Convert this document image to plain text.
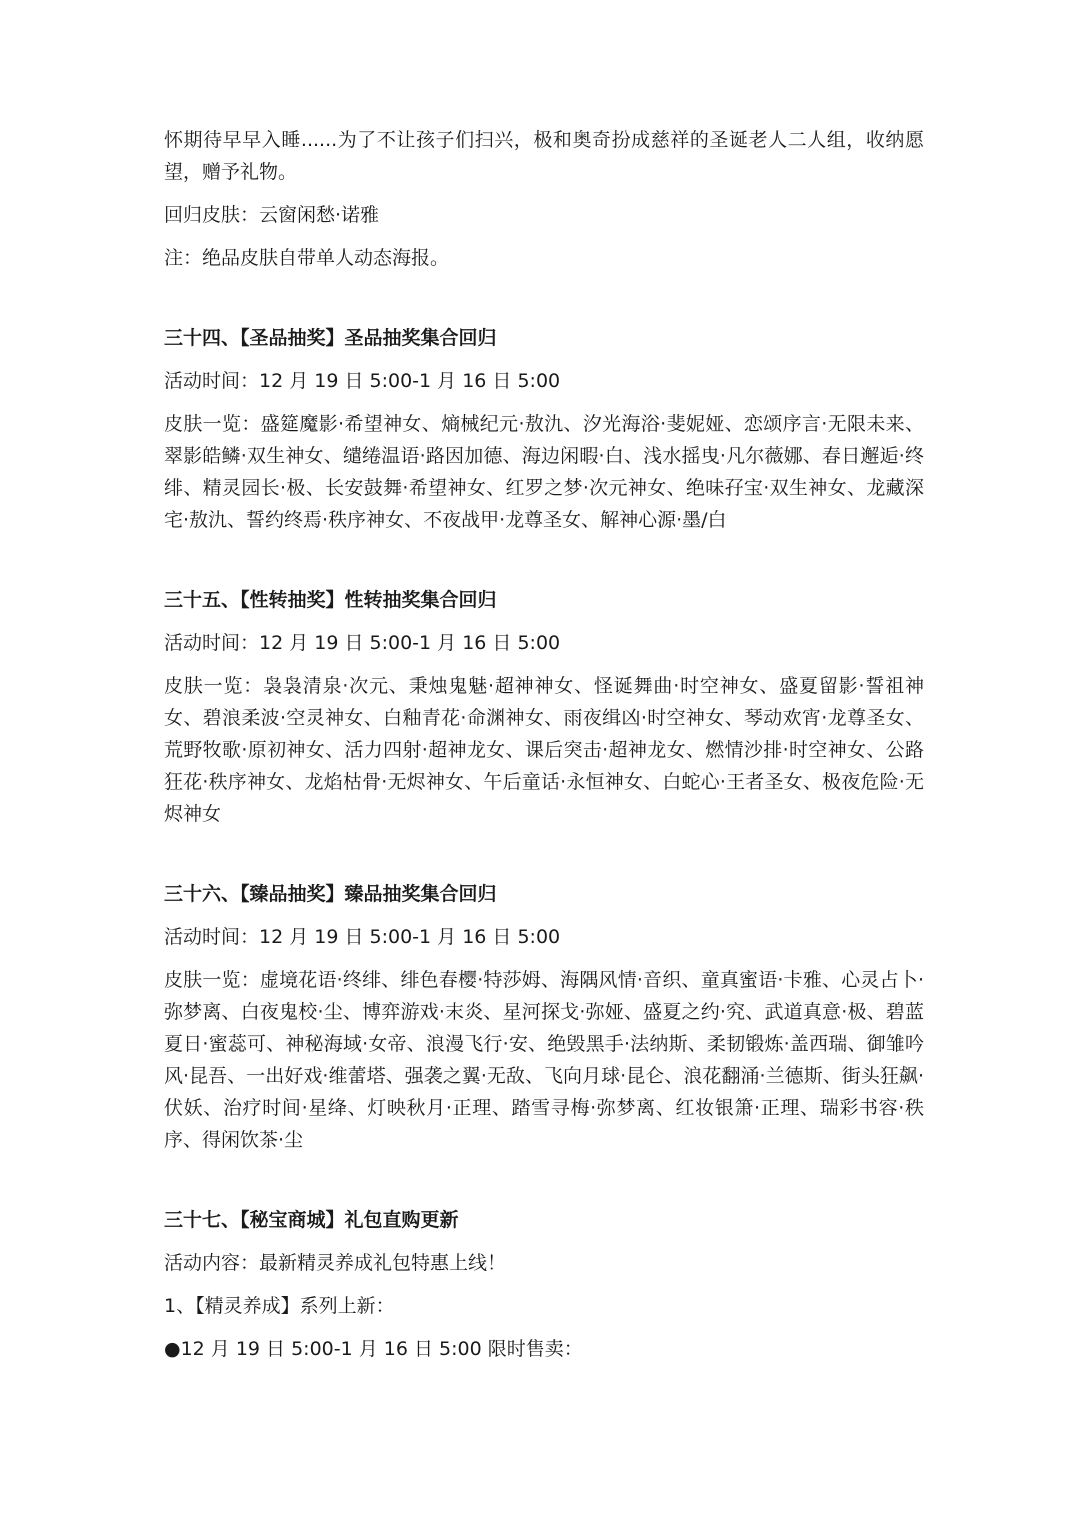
怀期待早早入睡......为了不让孩子们扫兴，极和奥奇扮成慈祥的圣诞老人二人组，收纳愿望，赠予礼物。

回归皮肤：云窗闲愁·诺雅

注：绝品皮肤自带单人动态海报。

三十四、【圣品抽奖】圣品抽奖集合回归

活动时间：12 月 19 日 5:00-1 月 16 日 5:00

皮肤一览：盛筵魔影·希望神女、熵械纪元·敖氿、汐光海浴·斐妮娅、恋颂序言·无限未来、翠影皓鳞·双生神女、缱绻温语·路因加德、海边闲暇·白、浅水摇曳·凡尔薇娜、春日邂逅·终绯、精灵园长·极、长安鼓舞·希望神女、红罗之梦·次元神女、绝味孖宝·双生神女、龙藏深宅·敖氿、誓约终焉·秩序神女、不夜战甲·龙尊圣女、解神心源·墨/白

三十五、【性转抽奖】性转抽奖集合回归

活动时间：12 月 19 日 5:00-1 月 16 日 5:00

皮肤一览：袅袅清泉·次元、秉烛鬼魅·超神神女、怪诞舞曲·时空神女、盛夏留影·誓祖神女、碧浪柔波·空灵神女、白釉青花·命渊神女、雨夜缉凶·时空神女、琴动欢宵·龙尊圣女、荒野牧歌·原初神女、活力四射·超神龙女、课后突击·超神龙女、燃情沙排·时空神女、公路狂花·秩序神女、龙焰枯骨·无烬神女、午后童话·永恒神女、白蛇心·王者圣女、极夜危险·无烬神女

三十六、【臻品抽奖】臻品抽奖集合回归

活动时间：12 月 19 日 5:00-1 月 16 日 5:00

皮肤一览：虚境花语·终绯、绯色春樱·特莎姆、海隅风情·音织、童真蜜语·卡雅、心灵占卜·弥梦离、白夜鬼校·尘、博弈游戏·末炎、星河探戈·弥娅、盛夏之约·究、武道真意·极、碧蓝夏日·蜜蕊可、神秘海域·女帝、浪漫飞行·安、绝毁黑手·法纳斯、柔韧锻炼·盖西瑞、御雏吟风·昆吾、一出好戏·维蕾塔、强袭之翼·无敌、飞向月球·昆仑、浪花翻涌·兰德斯、街头狂飙·伏妖、治疗时间·星绛、灯映秋月·正理、踏雪寻梅·弥梦离、红妆银箫·正理、瑞彩书容·秩序、得闲饮茶·尘

三十七、【秘宝商城】礼包直购更新

活动内容：最新精灵养成礼包特惠上线！

1、【精灵养成】系列上新：

●12 月 19 日 5:00-1 月 16 日 5:00 限时售卖：
